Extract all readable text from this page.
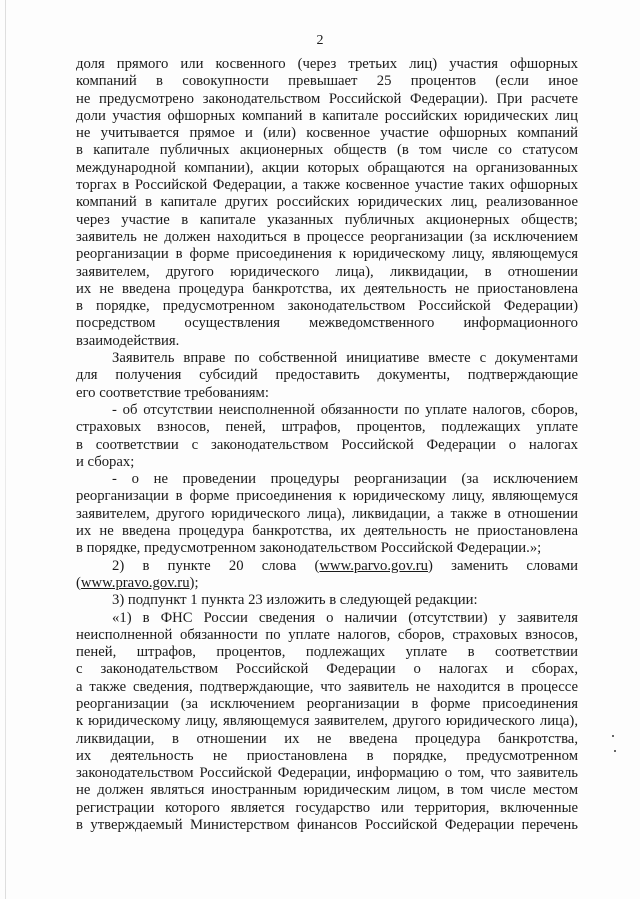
2
доля прямого или косвенного (через третьих лиц) участия офшорных
компаний в совокупности превышает 25 процентов (если иное
не предусмотрено законодательством Российской Федерации). При расчете
доли участия офшорных компаний в капитале российских юридических лиц
не учитывается прямое и (или) косвенное участие офшорных компаний
в капитале публичных акционерных обществ (в том числе со статусом
международной компании), акции которых обращаются на организованных
торгах в Российской Федерации, а также косвенное участие таких офшорных
компаний в капитале других российских юридических лиц, реализованное
через участие в капитале указанных публичных акционерных обществ;
заявитель не должен находиться в процессе реорганизации (за исключением
реорганизации в форме присоединения к юридическому лицу, являющемуся
заявителем, другого юридического лица), ликвидации, в отношении
их не введена процедура банкротства, их деятельность не приостановлена
в порядке, предусмотренном законодательством Российской Федерации)
посредством осуществления межведомственного информационного
взаимодействия.
Заявитель вправе по собственной инициативе вместе с документами
для получения субсидий предоставить документы, подтверждающие
его соответствие требованиям:
- об отсутствии неисполненной обязанности по уплате налогов, сборов,
страховых взносов, пеней, штрафов, процентов, подлежащих уплате
в соответствии с законодательством Российской Федерации о налогах
и сборах;
- о не проведении процедуры реорганизации (за исключением
реорганизации в форме присоединения к юридическому лицу, являющемуся
заявителем, другого юридического лица), ликвидации, а также в отношении
их не введена процедура банкротства, их деятельность не приостановлена
в порядке, предусмотренном законодательством Российской Федерации.»;
2) в пункте 20 слова (www.parvo.gov.ru) заменить словами
(www.pravo.gov.ru);
3) подпункт 1 пункта 23 изложить в следующей редакции:
«1) в ФНС России сведения о наличии (отсутствии) у заявителя
неисполненной обязанности по уплате налогов, сборов, страховых взносов,
пеней, штрафов, процентов, подлежащих уплате в соответствии
с законодательством Российской Федерации о налогах и сборах,
а также сведения, подтверждающие, что заявитель не находится в процессе
реорганизации (за исключением реорганизации в форме присоединения
к юридическому лицу, являющемуся заявителем, другого юридического лица),
ликвидации, в отношении их не введена процедура банкротства,
их деятельность не приостановлена в порядке, предусмотренном
законодательством Российской Федерации, информацию о том, что заявитель
не должен являться иностранным юридическим лицом, в том числе местом
регистрации которого является государство или территория, включенные
в утверждаемый Министерством финансов Российской Федерации перечень
